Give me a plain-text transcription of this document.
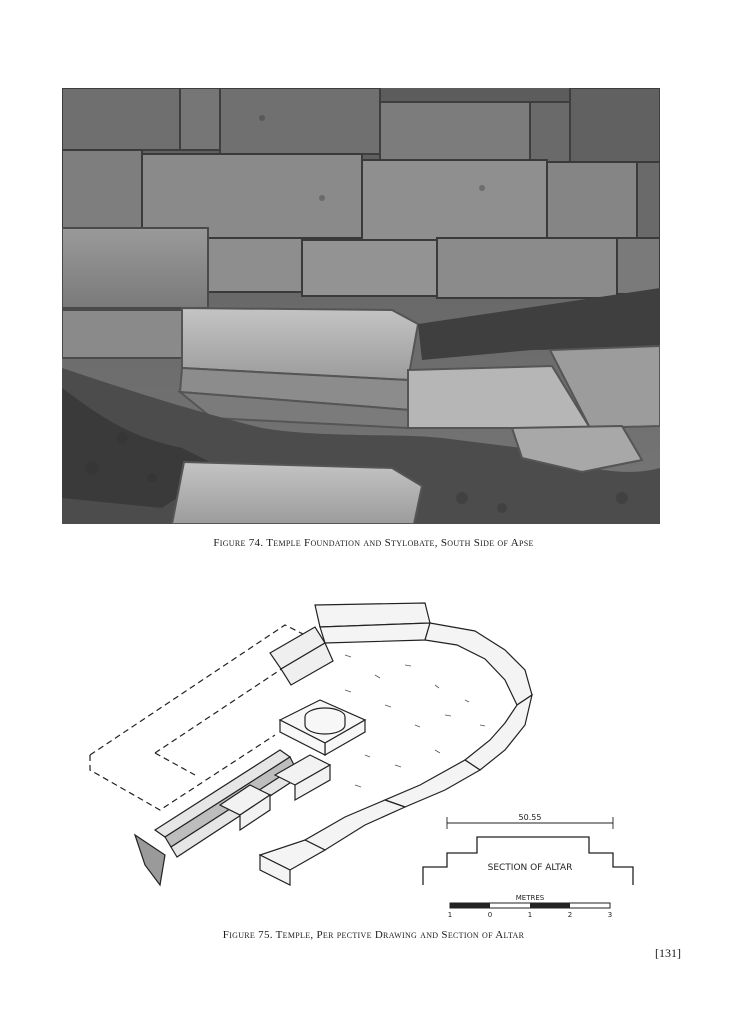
Figure 74. Temple Foundation and Stylobate, South Side of Apse
50.55
SECTION OF ALTAR
METRES
1	0	1	2	3
Figure 75. Temple, Per pective Drawing and Section of Altar
[131]
